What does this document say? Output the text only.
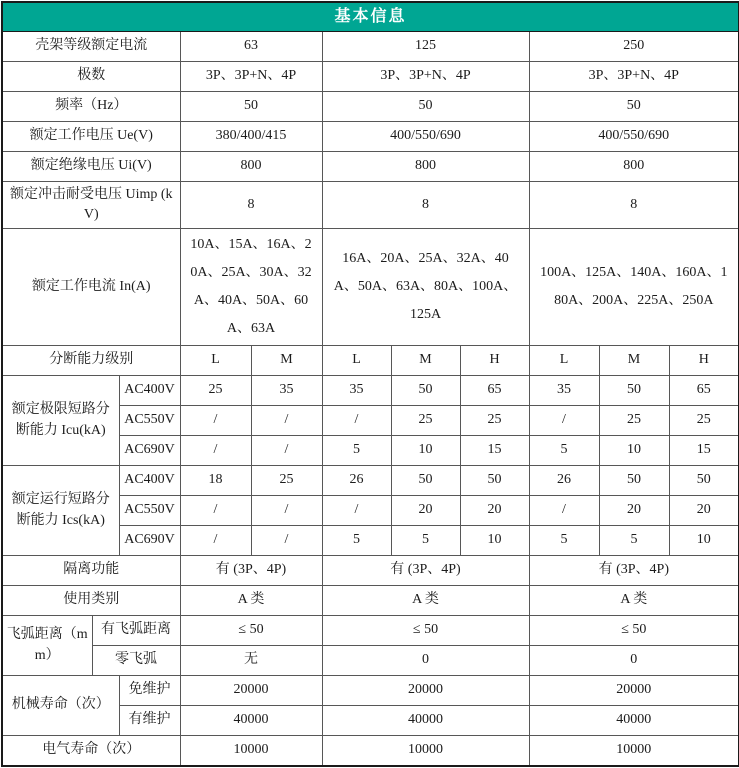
基本信息										
壳架等级额定电流			63		125			250		
极数			3P、3P+N、4P		3P、3P+N、4P			3P、3P+N、4P		
频率（Hz）			50		50			50		
额定工作电压 Ue(V)			380/400/415		400/550/690			400/550/690		
额定绝缘电压 Ui(V)			800		800			800		
额定冲击耐受电压 Uimp (kV)			8		8			8		
额定工作电流 In(A)			10A、15A、16A、20A、25A、30A、32A、40A、50A、60A、63A		16A、20A、25A、32A、40A、50A、63A、80A、100A、125A			100A、125A、140A、160A、180A、200A、225A、250A		
分断能力级别			L	M	L	M	H	L	M	H
额定极限短路分断能力 Icu(kA)		AC400V	25	35	35	50	65	35	50	65
		AC550V	/	/	/	25	25	/	25	25
		AC690V	/	/	5	10	15	5	10	15
额定运行短路分断能力 Ics(kA)		AC400V	18	25	26	50	50	26	50	50
		AC550V	/	/	/	20	20	/	20	20
		AC690V	/	/	5	5	10	5	5	10
隔离功能			有 (3P、4P)		有 (3P、4P)			有 (3P、4P)		
使用类别			A 类		A 类			A 类		
飞弧距离（mm）	有飞弧距离		≤ 50		≤ 50			≤ 50		
	零飞弧		无		0			0		
机械寿命（次）		免维护	20000		20000			20000		
		有维护	40000		40000			40000		
电气寿命（次）			10000		10000			10000		
